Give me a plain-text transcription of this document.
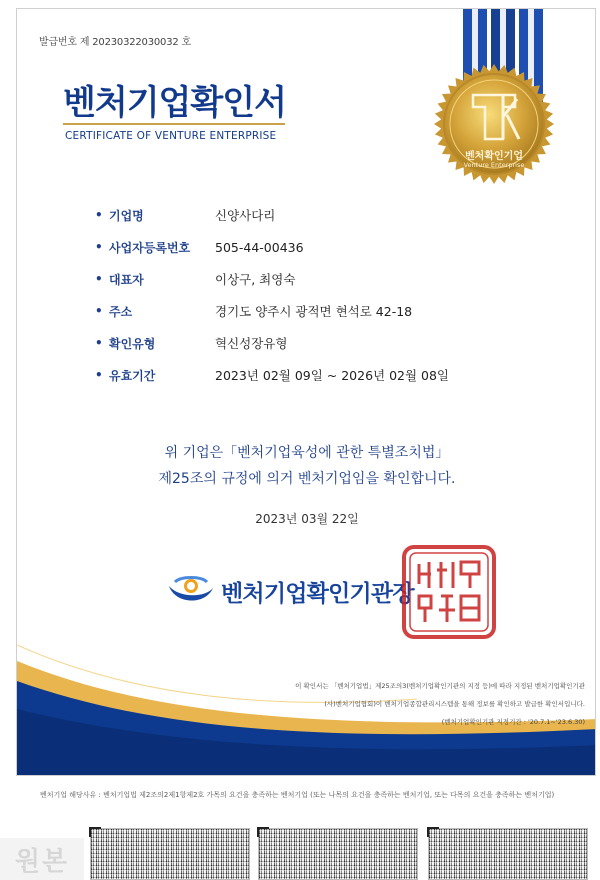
발급번호 제 20230322030032 호
벤처기업확인서
CERTIFICATE OF VENTURE ENTERPRISE
벤처확인기업
Venture Enterprise
• 기업명	신양사다리
• 사업자등록번호	505-44-00436
• 대표자	이상구, 최영숙
• 주소	경기도 양주시 광적면 현석로 42-18
• 확인유형	혁신성장유형
• 유효기간	2023년 02월 09일 ~ 2026년 02월 08일
위 기업은「벤처기업육성에 관한 특별조치법」
제25조의 규정에 의거 벤처기업임을 확인합니다.
2023년 03월 22일
벤처기업확인기관장
이 확인서는 「벤처기업법」제25조의3(벤처기업확인기관의 지정 등)에 따라 지정된 벤처기업확인기관
(사)벤처기업협회)이 벤처기업종합관리시스템을 통해 정보를 확인하고 발급한 확인서입니다.
(벤처기업확인기관 지정기간 : '20.7.1~'23.6.30)
벤처기업 해당사유 : 벤처기업법 제2조의2제1항제2호 가목의 요건을 충족하는 벤처기업 (또는 나목의 요건을 충족하는 벤처기업, 또는 다목의 요건을 충족하는 벤처기업)
원본
